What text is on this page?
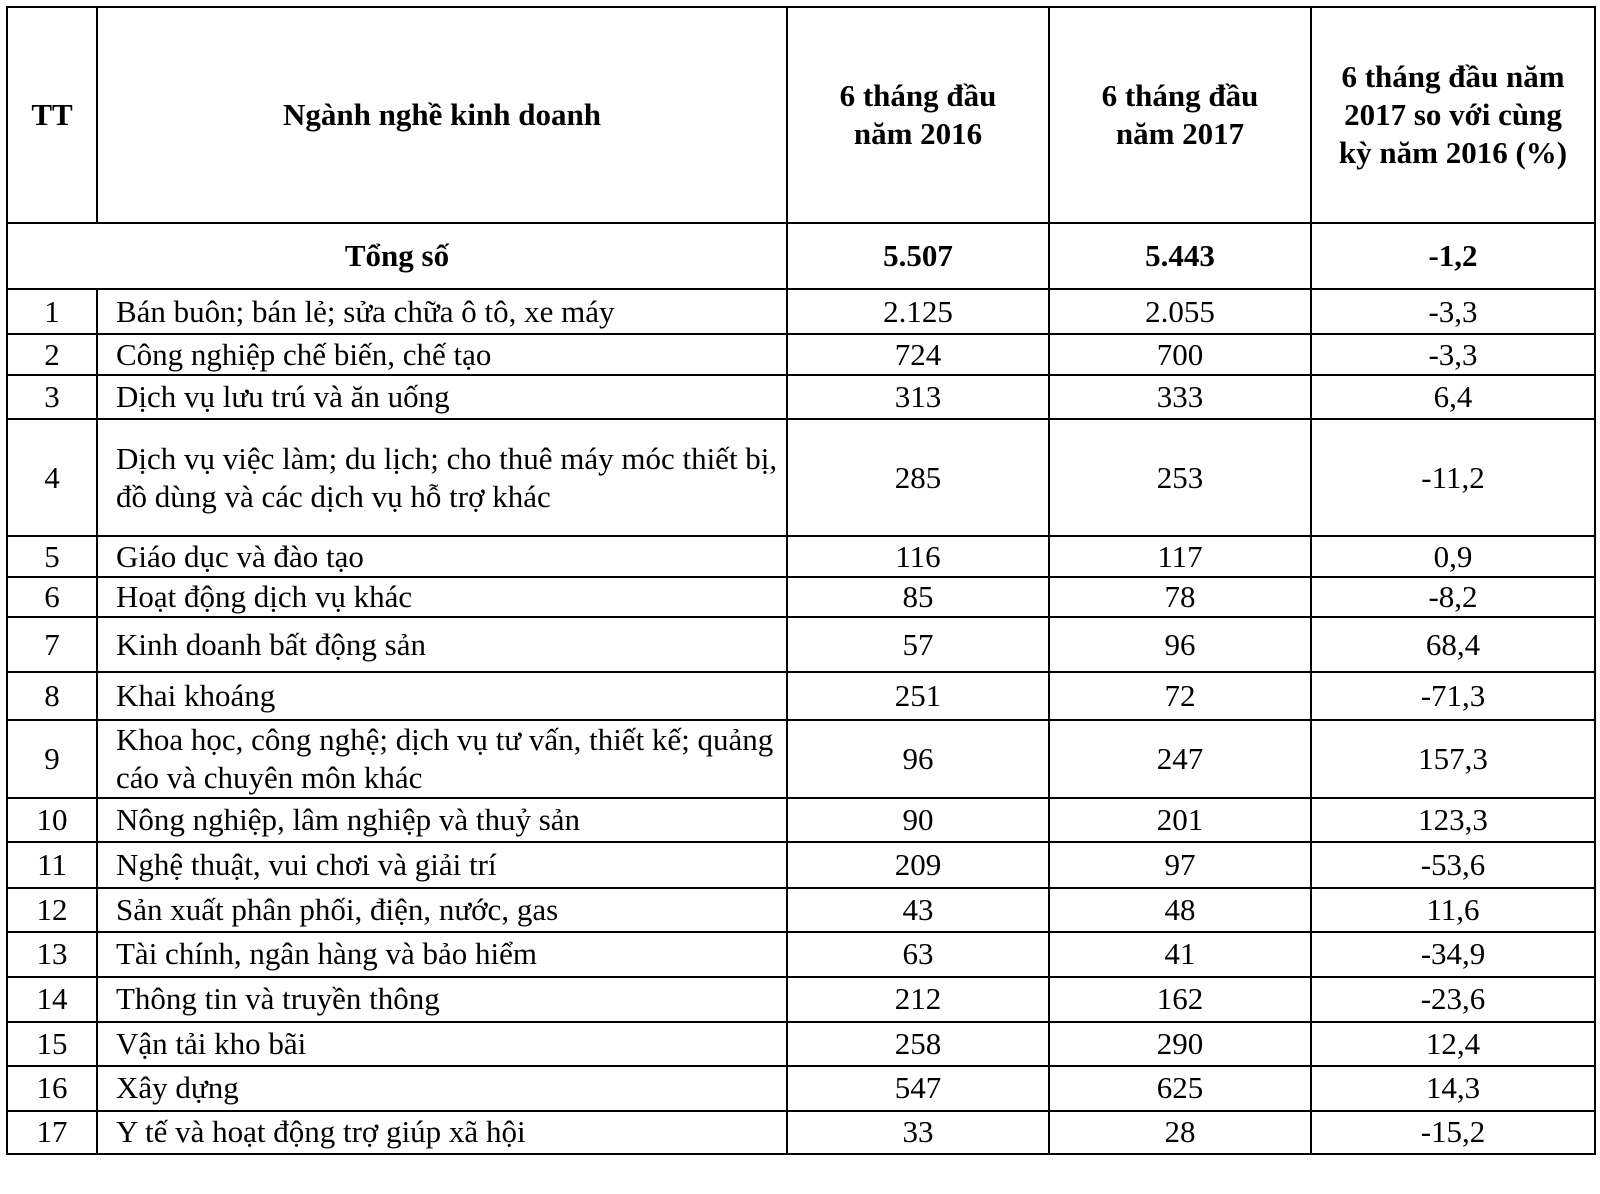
TT	Ngành nghề kinh doanh	6 tháng đầu năm 2016	6 tháng đầu năm 2017	6 tháng đầu năm 2017 so với cùng kỳ năm 2016 (%)
Tổng số		5.507	5.443	-1,2
1	Bán buôn; bán lẻ; sửa chữa ô tô, xe máy	2.125	2.055	-3,3
2	Công nghiệp chế biến, chế tạo	724	700	-3,3
3	Dịch vụ lưu trú và ăn uống	313	333	6,4
4	Dịch vụ việc làm; du lịch; cho thuê máy móc thiết bị, đồ dùng và các dịch vụ hỗ trợ khác	285	253	-11,2
5	Giáo dục và đào tạo	116	117	0,9
6	Hoạt động dịch vụ khác	85	78	-8,2
7	Kinh doanh bất động sản	57	96	68,4
8	Khai khoáng	251	72	-71,3
9	Khoa học, công nghệ; dịch vụ tư vấn, thiết kế; quảng cáo và chuyên môn khác	96	247	157,3
10	Nông nghiệp, lâm nghiệp và thuỷ sản	90	201	123,3
11	Nghệ thuật, vui chơi và giải trí	209	97	-53,6
12	Sản xuất phân phối, điện, nước, gas	43	48	11,6
13	Tài chính, ngân hàng và bảo hiểm	63	41	-34,9
14	Thông tin và truyền thông	212	162	-23,6
15	Vận tải kho bãi	258	290	12,4
16	Xây dựng	547	625	14,3
17	Y tế và hoạt động trợ giúp xã hội	33	28	-15,2
